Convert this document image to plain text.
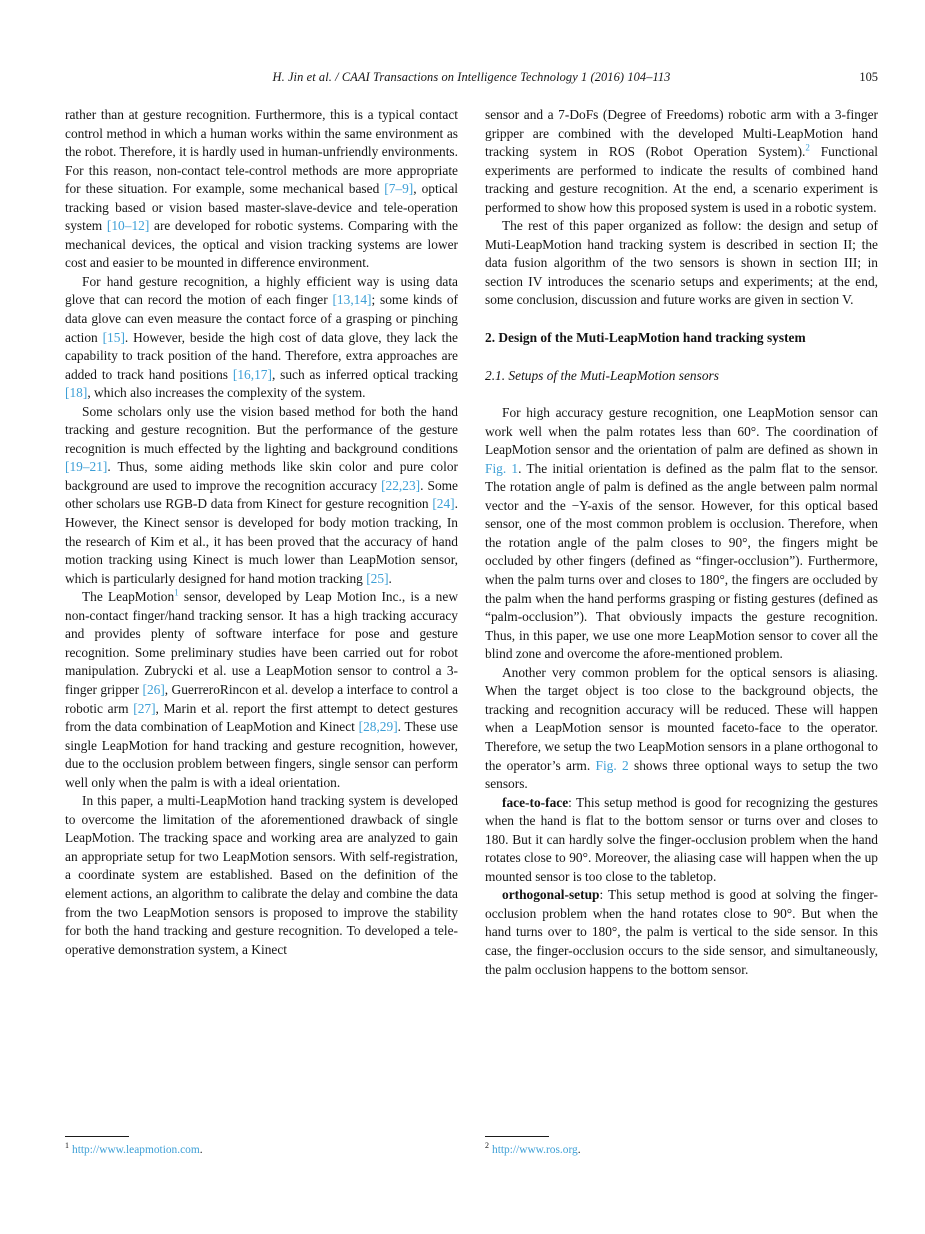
H. Jin et al. / CAAI Transactions on Intelligence Technology 1 (2016) 104–113	105

rather than at gesture recognition. Furthermore, this is a typical contact control method in which a human works within the same environment as the robot. Therefore, it is hardly used in human-unfriendly environments. For this reason, non-contact tele-control methods are more appropriate for these situation. For example, some mechanical based [7–9], optical tracking based or vision based master-slave-device and tele-operation system [10–12] are developed for robotic systems. Comparing with the mechanical devices, the optical and vision tracking systems are lower cost and easier to be mounted in difference environment.

For hand gesture recognition, a highly efficient way is using data glove that can record the motion of each finger [13,14]; some kinds of data glove can even measure the contact force of a grasping or pinching action [15]. However, beside the high cost of data glove, they lack the capability to track position of the hand. Therefore, extra approaches are added to track hand positions [16,17], such as inferred optical tracking [18], which also increases the complexity of the system.

Some scholars only use the vision based method for both the hand tracking and gesture recognition. But the performance of the gesture recognition is much effected by the lighting and background conditions [19–21]. Thus, some aiding methods like skin color and pure color background are used to improve the recognition accuracy [22,23]. Some other scholars use RGB-D data from Kinect for gesture recognition [24]. However, the Kinect sensor is developed for body motion tracking, In the research of Kim et al., it has been proved that the accuracy of hand motion tracking using Kinect is much lower than LeapMotion sensor, which is particularly designed for hand motion tracking [25].

The LeapMotion$^1$ sensor, developed by Leap Motion Inc., is a new non-contact finger/hand tracking sensor. It has a high tracking accuracy and provides plenty of software interface for pose and gesture recognition. Some preliminary studies have been carried out for robot manipulation. Zubrycki et al. use a LeapMotion sensor to control a 3-finger gripper [26], GuerreroRincon et al. develop a interface to control a robotic arm [27], Marin et al. report the first attempt to detect gestures from the data combination of LeapMotion and Kinect [28,29]. These use single LeapMotion for hand tracking and gesture recognition, however, due to the occlusion problem between fingers, single sensor can perform well only when the palm is with a ideal orientation.

In this paper, a multi-LeapMotion hand tracking system is developed to overcome the limitation of the aforementioned drawback of single LeapMotion. The tracking space and working area are analyzed to gain an appropriate setup for two LeapMotion sensors. With self-registration, a coordinate system are established. Based on the definition of the element actions, an algorithm to calibrate the delay and combine the data from the two LeapMotion sensors is proposed to improve the stability for both the hand tracking and gesture recognition. To developed a tele-operative demonstration system, a Kinect

sensor and a 7-DoFs (Degree of Freedoms) robotic arm with a 3-finger gripper are combined with the developed Multi-LeapMotion hand tracking system in ROS (Robot Operation System).$^2$ Functional experiments are performed to indicate the results of combined hand tracking and gesture recognition. At the end, a scenario experiment is performed to show how this proposed system is used in a robotic system.

The rest of this paper organized as follow: the design and setup of Muti-LeapMotion hand tracking system is described in section II; the data fusion algorithm of the two sensors is shown in section III; in section IV introduces the scenario setups and experiments; at the end, some conclusion, discussion and future works are given in section V.

2. Design of the Muti-LeapMotion hand tracking system

2.1. Setups of the Muti-LeapMotion sensors

For high accuracy gesture recognition, one LeapMotion sensor can work well when the palm rotates less than 60°. The coordination of LeapMotion sensor and the orientation of palm are defined as shown in Fig. 1. The initial orientation is defined as the palm flat to the sensor. The rotation angle of palm is defined as the angle between palm normal vector and the −Y-axis of the sensor. However, for this optical based sensor, one of the most common problem is occlusion. Therefore, when the rotation angle of the palm closes to 90°, the fingers might be occluded by other fingers (defined as “finger-occlusion”). Furthermore, when the palm turns over and closes to 180°, the fingers are occluded by the palm when the hand performs grasping or fisting gestures (defined as “palm-occlusion”). That obviously impacts the gesture recognition. Thus, in this paper, we use one more LeapMotion sensor to cover all the blind zone and overcome the afore-mentioned problem.

Another very common problem for the optical sensors is aliasing. When the target object is too close to the background objects, the tracking and recognition accuracy will be reduced. These will happen when a LeapMotion sensor is mounted faceto-face to the operator. Therefore, we setup the two LeapMotion sensors in a plane orthogonal to the operator’s arm. Fig. 2 shows three optional ways to setup the two sensors.

face-to-face: This setup method is good for recognizing the gestures when the hand is flat to the bottom sensor or turns over and closes to 180. But it can hardly solve the finger-occlusion problem when the hand rotates close to 90°. Moreover, the aliasing case will happen when the up mounted sensor is too close to the tabletop.

orthogonal-setup: This setup method is good at solving the finger-occlusion problem when the hand rotates close to 90°. But when the hand turns over to 180°, the palm is vertical to the side sensor. In this case, the finger-occlusion occurs to the side sensor, and simultaneously, the palm occlusion happens to the bottom sensor.

$^1$ http://www.leapmotion.com.	$^2$ http://www.ros.org.
